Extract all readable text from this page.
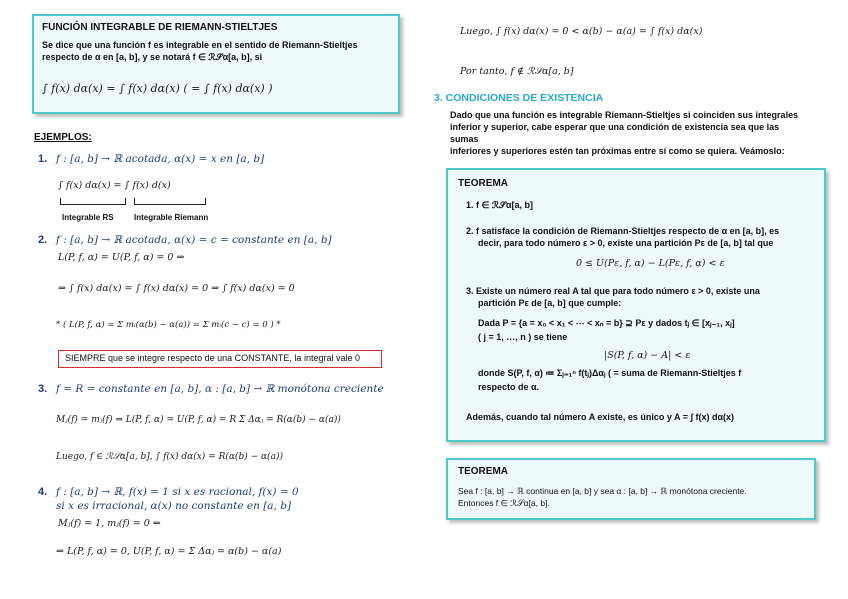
FUNCIÓN INTEGRABLE DE RIEMANN-STIELTJES
Se dice que una función f es integrable en el sentido de Riemann-Stieltjes
respecto de α en [a, b], y se notará f ∈ ℛ𝒮α[a, b], si
∫ f(x) dα(x) = ∫ f(x) dα(x) ( = ∫ f(x) dα(x) )
EJEMPLOS:
1. f : [a, b] → ℝ acotada, α(x) = x en [a, b]
∫ f(x) dα(x) = ∫ f(x) d(x)
Integrable RS	Integrable Riemann
2. f : [a, b] → ℝ acotada, α(x) = c = constante en [a, b]
L(P, f, α) = U(P, f, α) = 0 ⇒
⇒ ∫ f(x) dα(x) = ∫ f(x) dα(x) = 0 ⇒ ∫ f(x) dα(x) = 0
* ( L(P, f, α) = Σ mᵢ(α(b) − α(a)) = Σ mᵢ(c − c) = 0 ) *
SIEMPRE que se integre respecto de una CONSTANTE, la integral vale 0
3. f = R = constante en [a, b], α : [a, b] → ℝ monótona creciente
Mⱼ(f) = mⱼ(f) ⇒ L(P, f, α) = U(P, f, α) = R Σ Δαⱼ = R(α(b) − α(a))
Luego, f ∈ ℛ𝒮α[a, b], ∫ f(x) dα(x) = R(α(b) − α(a))
4. f : [a, b] → ℝ, f(x) = 1 si x es racional, f(x) = 0
si x es irracional, α(x) no constante en [a, b]
Mⱼ(f) = 1, mⱼ(f) = 0 ⇒
⇒ L(P, f, α) = 0, U(P, f, α) = Σ Δαⱼ = α(b) − α(a)
Luego, ∫ f(x) dα(x) = 0 < α(b) − α(a) = ∫ f(x) dα(x)
Por tanto, f ∉ ℛ𝒮α[a, b]
3. CONDICIONES DE EXISTENCIA
Dado que una función es integrable Riemann-Stieltjes si coinciden sus integrales
inferior y superior, cabe esperar que una condición de existencia sea que las
sumas
inferiores y superiores estén tan próximas entre sí como se quiera. Veámoslo:
TEOREMA
1. f ∈ ℛ𝒮α[a, b]
2. f satisface la condición de Riemann-Stieltjes respecto de α en [a, b], es
decir, para todo número ε > 0, existe una partición Pε de [a, b] tal que
0 ≤ U(Pε, f, α) − L(Pε, f, α) < ε
3. Existe un número real A tal que para todo número ε > 0, existe una
partición Pε de [a, b] que cumple:
Dada P = {a = x₀ < x₁ < ⋯ < xₙ = b} ⊇ Pε y dados tⱼ ∈ [xⱼ₋₁, xⱼ]
( j = 1, …, n ) se tiene
|S(P, f, α) − A| < ε
donde S(P, f, α) ≔ Σⱼ₌₁ⁿ f(tⱼ)Δαⱼ ( = suma de Riemann-Stieltjes f
respecto de α.
Además, cuando tal número A existe, es único y A = ∫ f(x) dα(x)
TEOREMA
Sea f : [a, b] → ℝ continua en [a, b] y sea α : [a, b] → ℝ monótona creciente.
Entonces f ∈ ℛ𝒮α[a, b].
